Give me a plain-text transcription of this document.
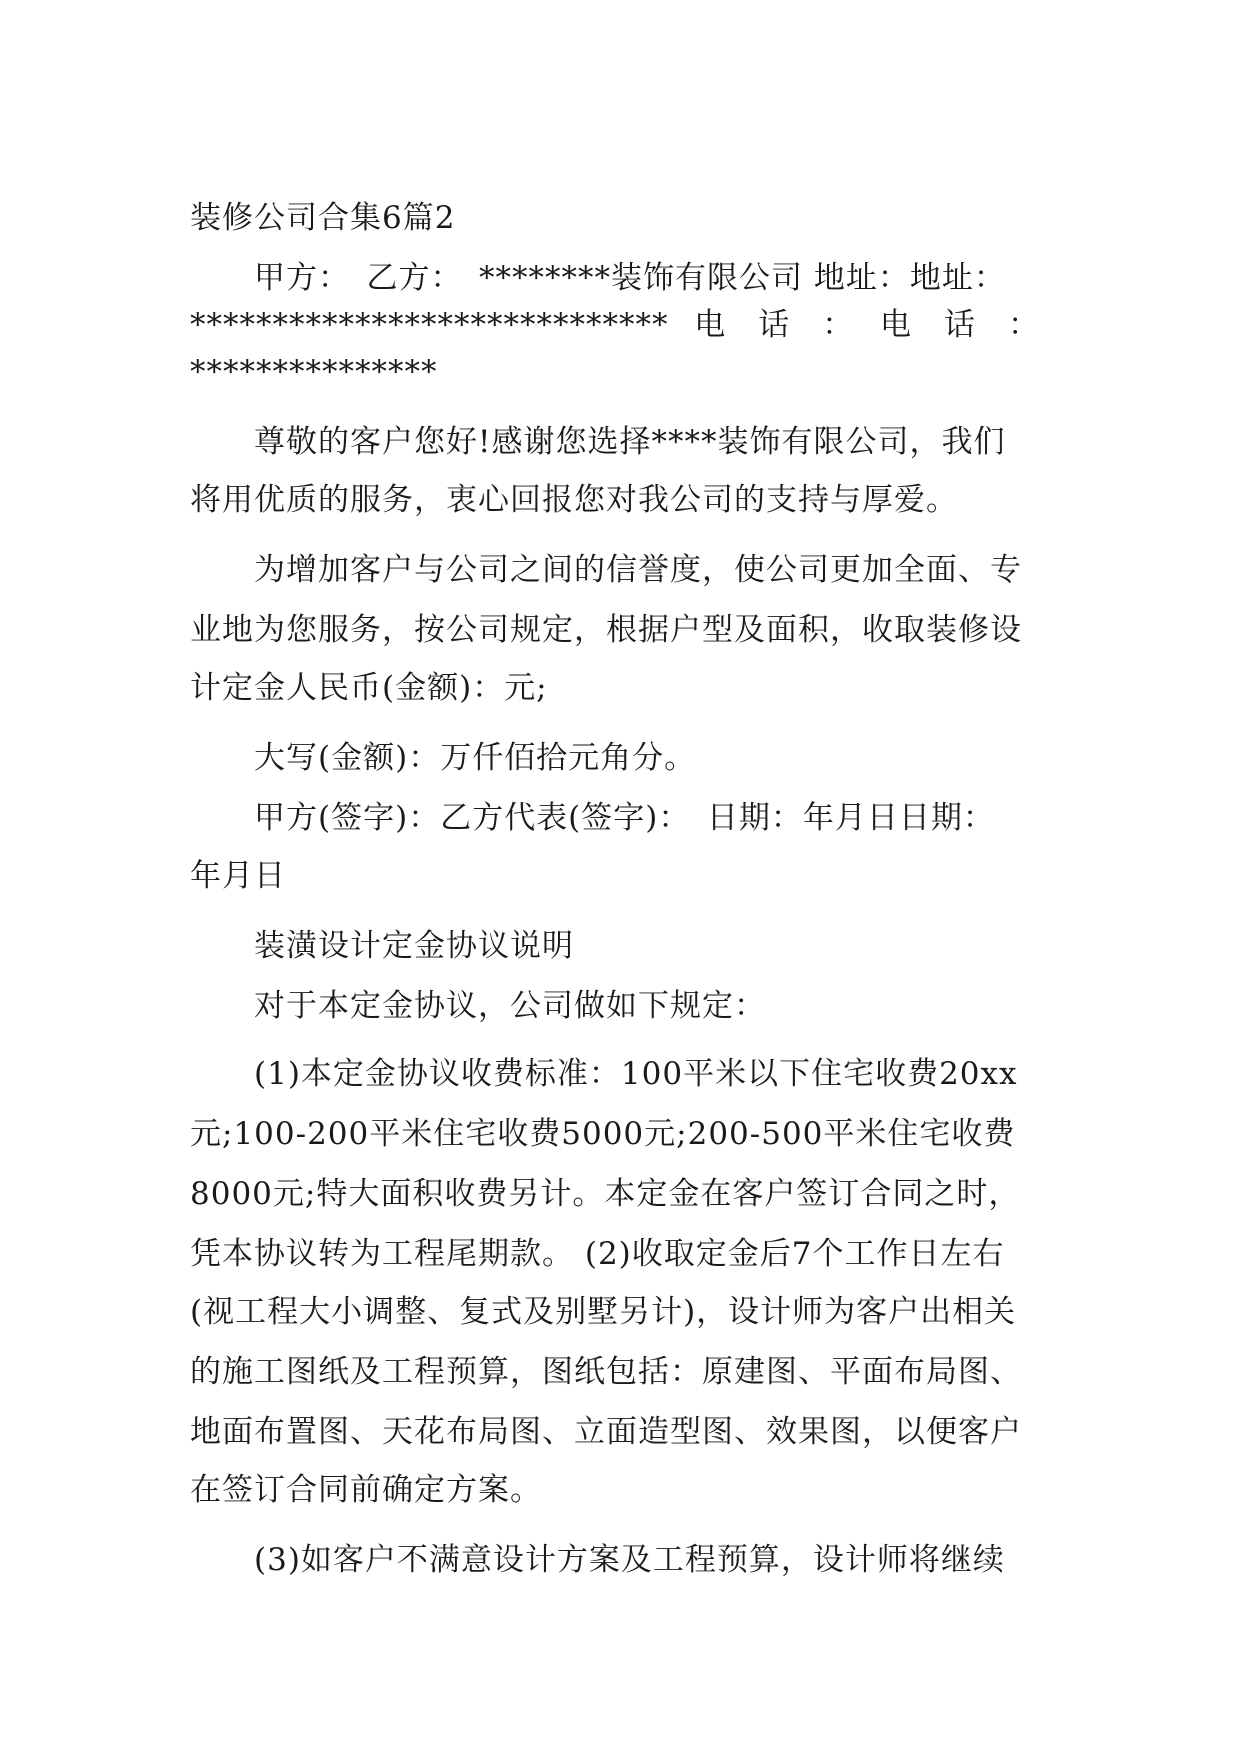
装修公司合集6篇2
　　甲方：　乙方：　********装饰有限公司 地址：地址：
***************************** 电　话　： 电　话　：
***************
　　尊敬的客户您好!感谢您选择****装饰有限公司，我们
将用优质的服务，衷心回报您对我公司的支持与厚爱。
　　为增加客户与公司之间的信誉度，使公司更加全面、专
业地为您服务，按公司规定，根据户型及面积，收取装修设
计定金人民币(金额)：元;
　　大写(金额)：万仟佰拾元角分。
　　甲方(签字)：乙方代表(签字)：　日期：年月日日期：
年月日
　　装潢设计定金协议说明
　　对于本定金协议，公司做如下规定：
　　(1)本定金协议收费标准：100平米以下住宅收费20xx
元;100-200平米住宅收费5000元;200-500平米住宅收费
8000元;特大面积收费另计。本定金在客户签订合同之时，
凭本协议转为工程尾期款。 (2)收取定金后7个工作日左右
(视工程大小调整、复式及别墅另计)，设计师为客户出相关
的施工图纸及工程预算，图纸包括：原建图、平面布局图、
地面布置图、天花布局图、立面造型图、效果图，以便客户
在签订合同前确定方案。
　　(3)如客户不满意设计方案及工程预算，设计师将继续
